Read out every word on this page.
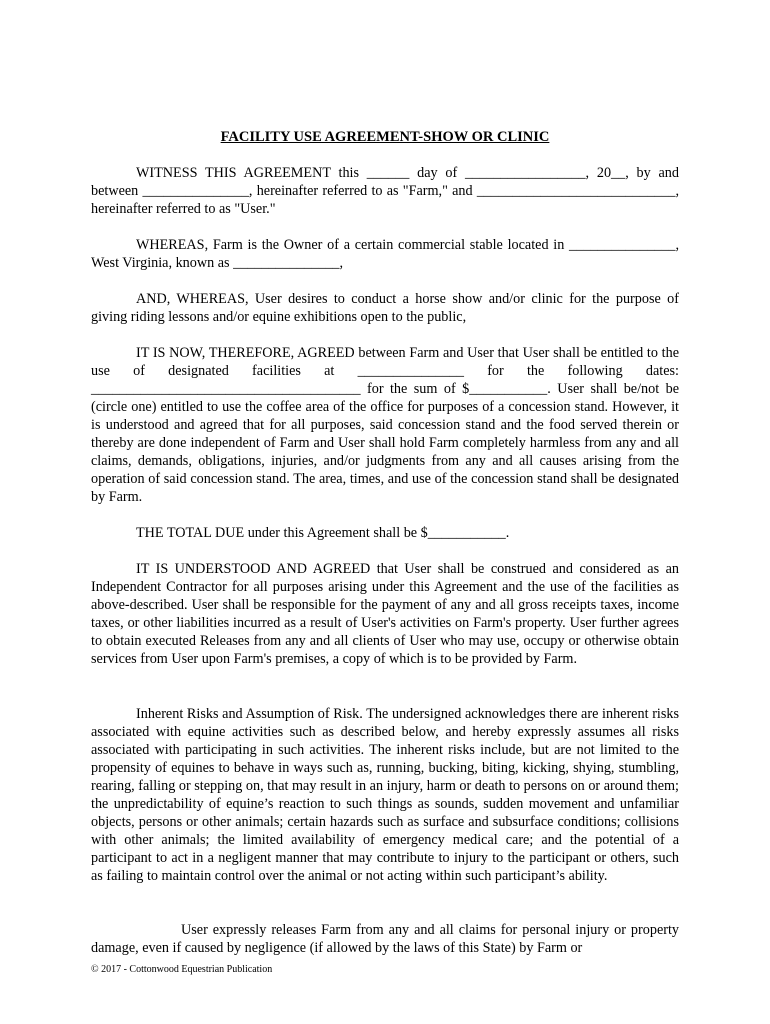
FACILITY USE AGREEMENT-SHOW OR CLINIC

WITNESS THIS AGREEMENT this ______ day of _________________, 20__, by and between _______________, hereinafter referred to as "Farm," and ____________________________, hereinafter referred to as "User."

WHEREAS, Farm is the Owner of a certain commercial stable located in _______________, West Virginia, known as _______________,

AND, WHEREAS, User desires to conduct a horse show and/or clinic for the purpose of giving riding lessons and/or equine exhibitions open to the public,

IT IS NOW, THEREFORE, AGREED between Farm and User that User shall be entitled to the use of designated facilities at _______________ for the following dates: ______________________________________ for the sum of $___________. User shall be/not be (circle one) entitled to use the coffee area of the office for purposes of a concession stand. However, it is understood and agreed that for all purposes, said concession stand and the food served therein or thereby are done independent of Farm and User shall hold Farm completely harmless from any and all claims, demands, obligations, injuries, and/or judgments from any and all causes arising from the operation of said concession stand. The area, times, and use of the concession stand shall be designated by Farm.

THE TOTAL DUE under this Agreement shall be $___________.

IT IS UNDERSTOOD AND AGREED that User shall be construed and considered as an Independent Contractor for all purposes arising under this Agreement and the use of the facilities as above-described. User shall be responsible for the payment of any and all gross receipts taxes, income taxes, or other liabilities incurred as a result of User's activities on Farm's property. User further agrees to obtain executed Releases from any and all clients of User who may use, occupy or otherwise obtain services from User upon Farm's premises, a copy of which is to be provided by Farm.

Inherent Risks and Assumption of Risk. The undersigned acknowledges there are inherent risks associated with equine activities such as described below, and hereby expressly assumes all risks associated with participating in such activities. The inherent risks include, but are not limited to the propensity of equines to behave in ways such as, running, bucking, biting, kicking, shying, stumbling, rearing, falling or stepping on, that may result in an injury, harm or death to persons on or around them; the unpredictability of equine’s reaction to such things as sounds, sudden movement and unfamiliar objects, persons or other animals; certain hazards such as surface and subsurface conditions; collisions with other animals; the limited availability of emergency medical care; and the potential of a participant to act in a negligent manner that may contribute to injury to the participant or others, such as failing to maintain control over the animal or not acting within such participant’s ability.

User expressly releases Farm from any and all claims for personal injury or property damage, even if caused by negligence (if allowed by the laws of this State) by Farm or

© 2017 - Cottonwood Equestrian Publication
